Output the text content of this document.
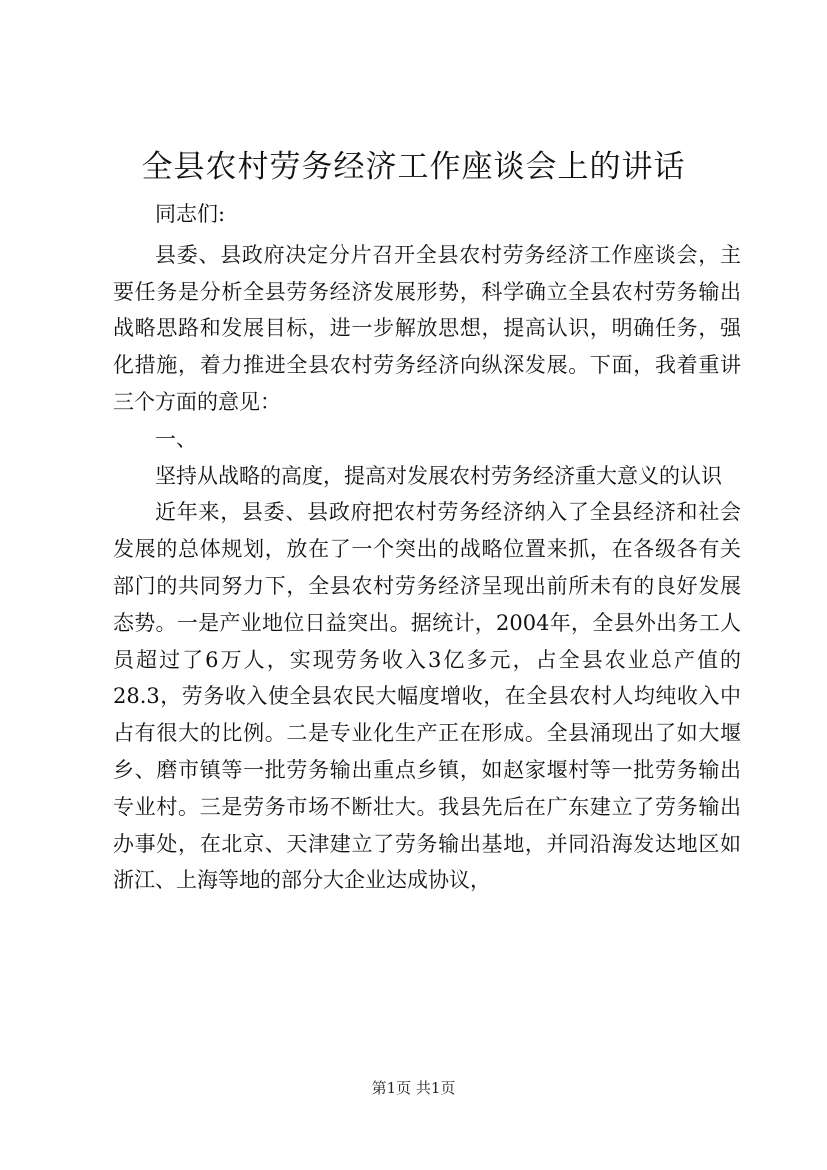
全县农村劳务经济工作座谈会上的讲话

同志们:

县委、县政府决定分片召开全县农村劳务经济工作座谈会，主要任务是分析全县劳务经济发展形势，科学确立全县农村劳务输出战略思路和发展目标，进一步解放思想，提高认识，明确任务，强化措施，着力推进全县农村劳务经济向纵深发展。下面，我着重讲三个方面的意见：

一、

坚持从战略的高度，提高对发展农村劳务经济重大意义的认识

近年来，县委、县政府把农村劳务经济纳入了全县经济和社会发展的总体规划，放在了一个突出的战略位置来抓，在各级各有关部门的共同努力下，全县农村劳务经济呈现出前所未有的良好发展态势。一是产业地位日益突出。据统计，2004年，全县外出务工人员超过了6万人，实现劳务收入3亿多元，占全县农业总产值的28.3，劳务收入使全县农民大幅度增收，在全县农村人均纯收入中占有很大的比例。二是专业化生产正在形成。全县涌现出了如大堰乡、磨市镇等一批劳务输出重点乡镇，如赵家堰村等一批劳务输出专业村。三是劳务市场不断壮大。我县先后在广东建立了劳务输出办事处，在北京、天津建立了劳务输出基地，并同沿海发达地区如浙江、上海等地的部分大企业达成协议，

第1页 共1页
